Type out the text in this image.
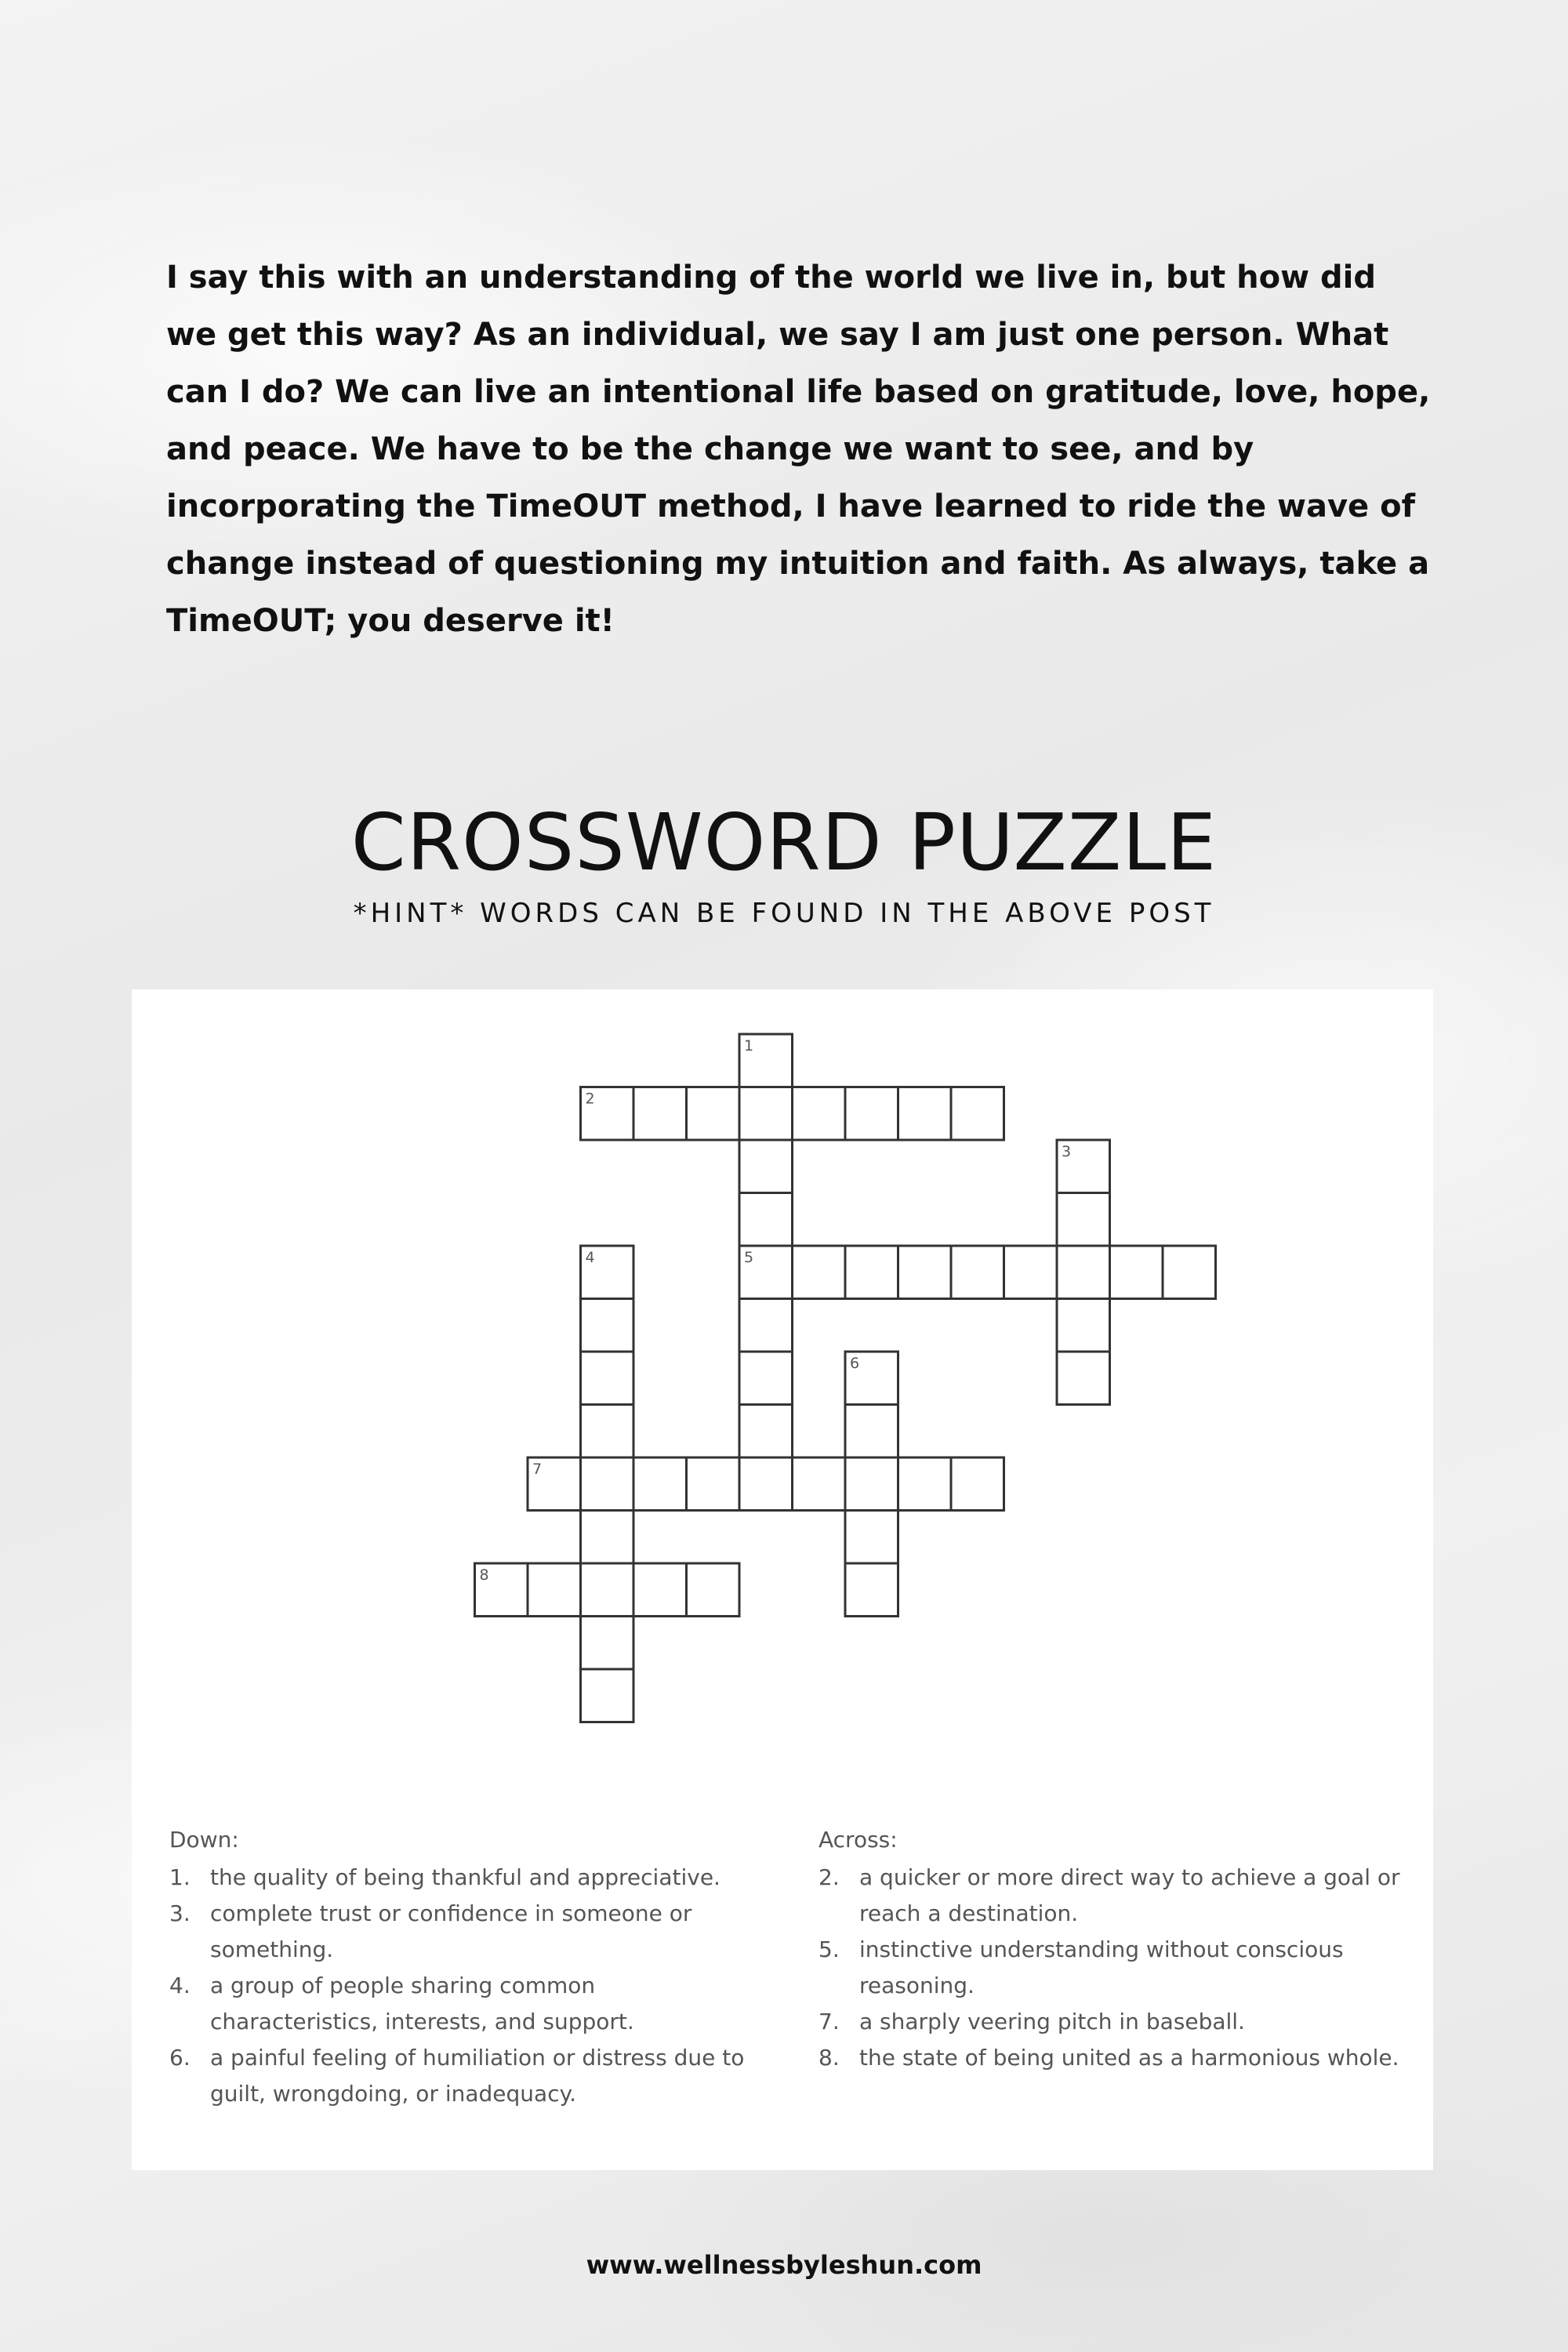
I say this with an understanding of the world we live in, but how did we get this way? As an individual, we say I am just one person. What can I do? We can live an intentional life based on gratitude, love, hope, and peace. We have to be the change we want to see, and by incorporating the TimeOUT method, I have learned to ride the wave of change instead of questioning my intuition and faith. As always, take a TimeOUT; you deserve it!

CROSSWORD PUZZLE
*HINT* WORDS CAN BE FOUND IN THE ABOVE POST
1
2
3
4	5
6
7
8
Down:
1. the quality of being thankful and appreciative.
3. complete trust or confidence in someone or something.
4. a group of people sharing common characteristics, interests, and support.
6. a painful feeling of humiliation or distress due to guilt, wrongdoing, or inadequacy.
Across:
2. a quicker or more direct way to achieve a goal or reach a destination.
5. instinctive understanding without conscious reasoning.
7. a sharply veering pitch in baseball.
8. the state of being united as a harmonious whole.
www.wellnessbyleshun.com
